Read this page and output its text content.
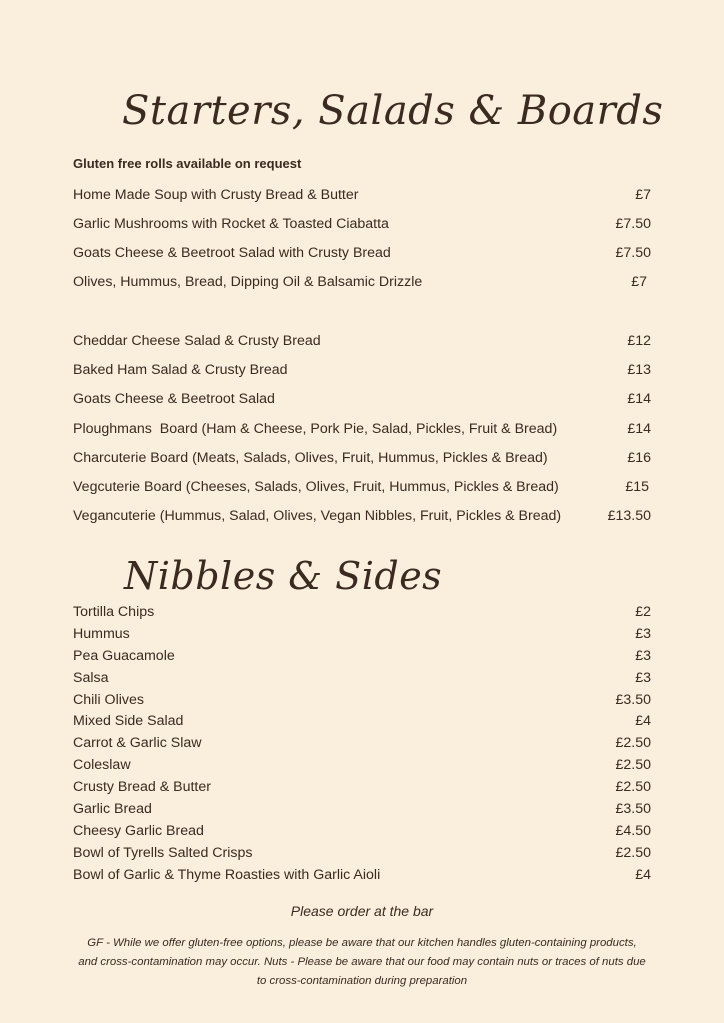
Starters, Salads & Boards
Gluten free rolls available on request
Home Made Soup with Crusty Bread & Butter	£7
Garlic Mushrooms with Rocket & Toasted Ciabatta	£7.50
Goats Cheese & Beetroot Salad with Crusty Bread	£7.50
Olives, Hummus, Bread, Dipping Oil & Balsamic Drizzle	£7
Cheddar Cheese Salad & Crusty Bread	£12
Baked Ham Salad & Crusty Bread	£13
Goats Cheese & Beetroot Salad	£14
Ploughmans  Board (Ham & Cheese, Pork Pie, Salad, Pickles, Fruit & Bread)	£14
Charcuterie Board (Meats, Salads, Olives, Fruit, Hummus, Pickles & Bread)	£16
Vegcuterie Board (Cheeses, Salads, Olives, Fruit, Hummus, Pickles & Bread)	£15
Vegancuterie (Hummus, Salad, Olives, Vegan Nibbles, Fruit, Pickles & Bread)	£13.50
Nibbles & Sides
Tortilla Chips	£2
Hummus	£3
Pea Guacamole	£3
Salsa	£3
Chili Olives	£3.50
Mixed Side Salad	£4
Carrot & Garlic Slaw	£2.50
Coleslaw	£2.50
Crusty Bread & Butter	£2.50
Garlic Bread	£3.50
Cheesy Garlic Bread	£4.50
Bowl of Tyrells Salted Crisps	£2.50
Bowl of Garlic & Thyme Roasties with Garlic Aioli	£4
Please order at the bar
GF - While we offer gluten-free options, please be aware that our kitchen handles gluten-containing products,
and cross-contamination may occur. Nuts - Please be aware that our food may contain nuts or traces of nuts due
to cross-contamination during preparation
